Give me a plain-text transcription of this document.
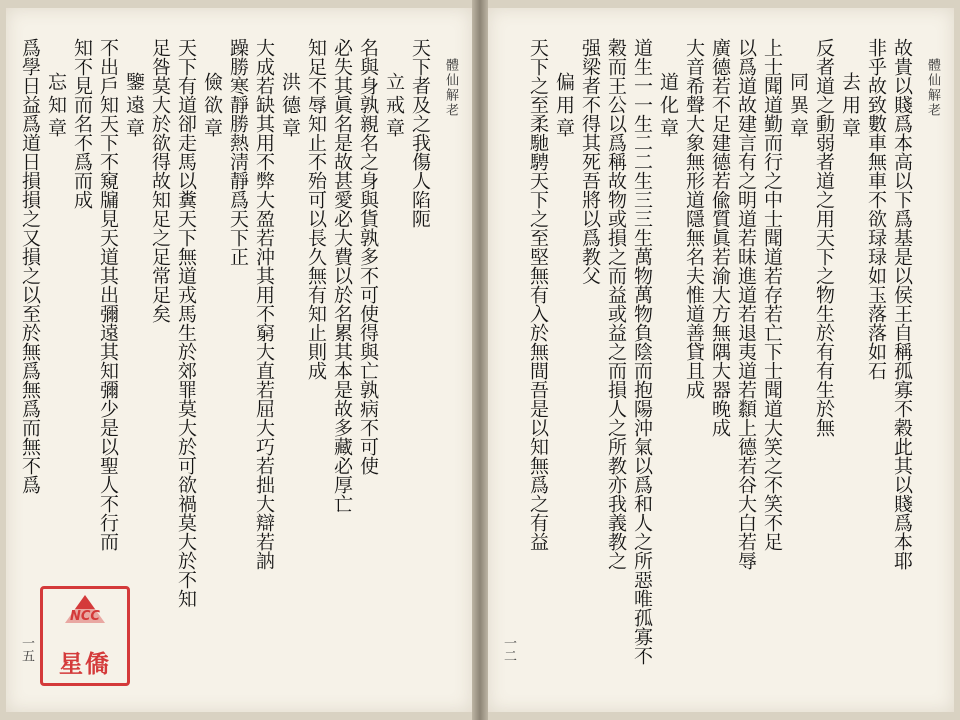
體仙解老
天下者及之我傷人陷阨
立戒章
名與身孰親名之身與貨孰多不可使得與亡孰病不可使
必失其眞名是故甚愛必大費以於名累其本是故多藏必厚亡
知足不辱知止不殆可以長久無有知止則成
洪德章
大成若缺其用不弊大盈若沖其用不窮大直若屈大巧若拙大辯若訥
躁勝寒靜勝熱淸靜爲天下正
儉欲章
天下有道卻走馬以糞天下無道戎馬生於郊罪莫大於可欲禍莫大於不知
足咎莫大於欲得故知足之足常足矣
鑒遠章
不出戶知天下不窺牖見天道其出彌遠其知彌少是以聖人不行而
知不見而名不爲而成
忘知章
爲學日益爲道日損損之又損之以至於無爲無爲而無不爲
一五
NCC
星僑
體仙解老
故貴以賤爲本高以下爲基是以侯王自稱孤寡不穀此其以賤爲本耶
非乎故致數車無車不欲琭琭如玉落落如石
去用章
反者道之動弱者道之用天下之物生於有有生於無
同異章
上士聞道勤而行之中士聞道若存若亡下士聞道大笑之不笑不足
以爲道故建言有之明道若昧進道若退夷道若纇上德若谷大白若辱
廣德若不足建德若偸質眞若渝大方無隅大器晚成
大音希聲大象無形道隱無名夫惟道善貸且成
道化章
道生一一生二二生三三生萬物萬物負陰而抱陽沖氣以爲和人之所惡唯孤寡不
穀而王公以爲稱故物或損之而益或益之而損人之所教亦我義教之
强梁者不得其死吾將以爲教父
偏用章
天下之至柔馳騁天下之至堅無有入於無間吾是以知無爲之有益
一二
